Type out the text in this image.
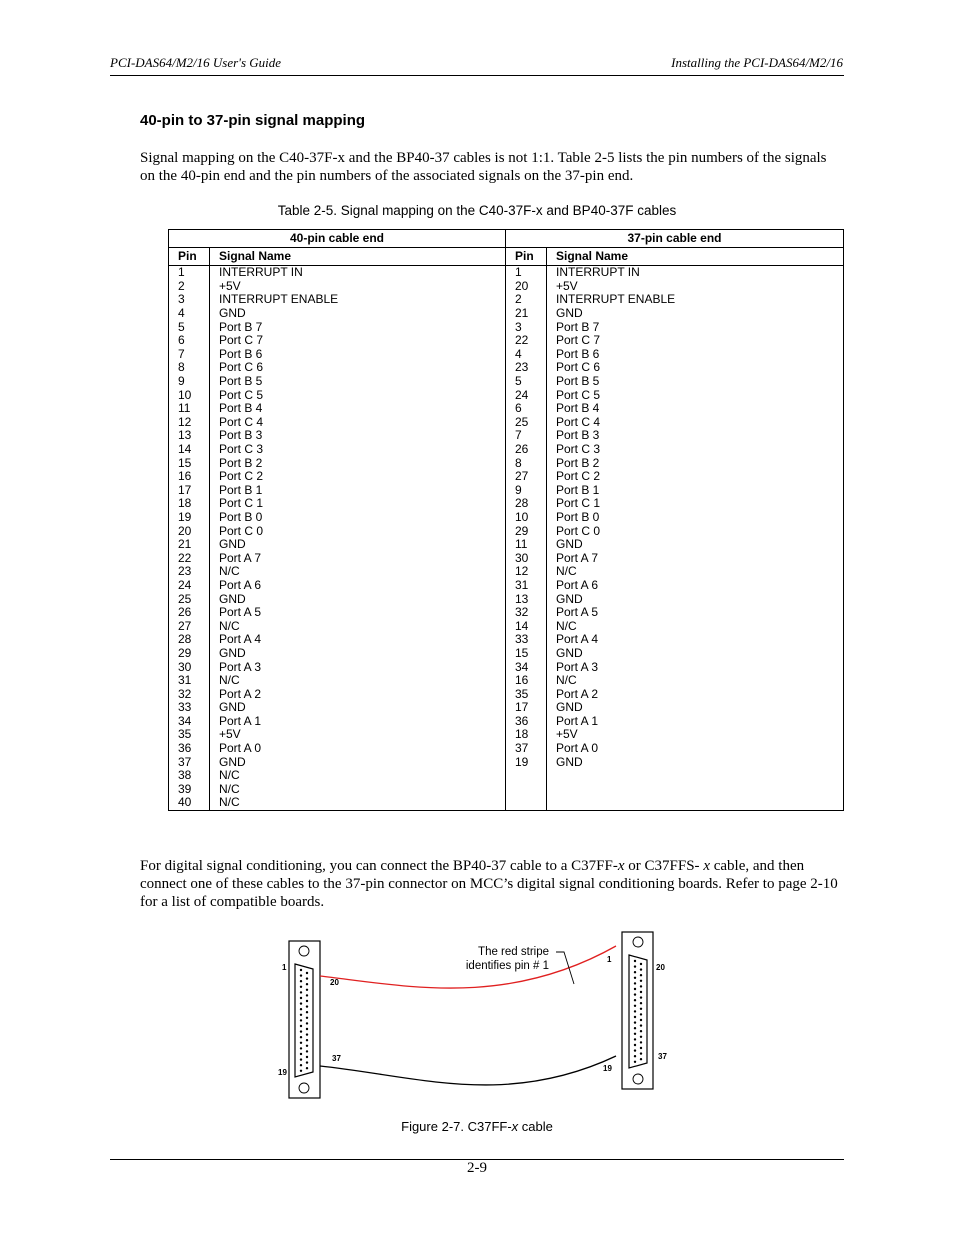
PCI-DAS64/M2/16 User's Guide	Installing the PCI-DAS64/M2/16
40-pin to 37-pin signal mapping

Signal mapping on the C40-37F-x and the BP40-37 cables is not 1:1. Table 2-5 lists the pin numbers of the signals on the 40-pin end and the pin numbers of the associated signals on the 37-pin end.

Table 2-5. Signal mapping on the C40-37F-x and BP40-37F cables
40-pin cable end		37-pin cable end	
Pin	Signal Name	Pin	Signal Name
1	INTERRUPT IN	1	INTERRUPT IN
2	+5V	20	+5V
3	INTERRUPT ENABLE	2	INTERRUPT ENABLE
4	GND	21	GND
5	Port B 7	3	Port B 7
6	Port C 7	22	Port C 7
7	Port B 6	4	Port B 6
8	Port C 6	23	Port C 6
9	Port B 5	5	Port B 5
10	Port C 5	24	Port C 5
11	Port B 4	6	Port B 4
12	Port C 4	25	Port C 4
13	Port B 3	7	Port B 3
14	Port C 3	26	Port C 3
15	Port B 2	8	Port B 2
16	Port C 2	27	Port C 2
17	Port B 1	9	Port B 1
18	Port C 1	28	Port C 1
19	Port B 0	10	Port B 0
20	Port C 0	29	Port C 0
21	GND	11	GND
22	Port A 7	30	Port A 7
23	N/C	12	N/C
24	Port A 6	31	Port A 6
25	GND	13	GND
26	Port A 5	32	Port A 5
27	N/C	14	N/C
28	Port A 4	33	Port A 4
29	GND	15	GND
30	Port A 3	34	Port A 3
31	N/C	16	N/C
32	Port A 2	35	Port A 2
33	GND	17	GND
34	Port A 1	36	Port A 1
35	+5V	18	+5V
36	Port A 0	37	Port A 0
37	GND	19	GND
38	N/C		
39	N/C		
40	N/C		

For digital signal conditioning, you can connect the BP40-37 cable to a C37FF-x or C37FFS- x cable, and then connect one of these cables to the 37-pin connector on MCC’s digital signal conditioning boards. Refer to page 2-10 for a list of compatible boards.

The red stripe
identifies pin # 1
1
20
37
19
1
20
37
19
Figure 2-7. C37FF-x cable
2-9
